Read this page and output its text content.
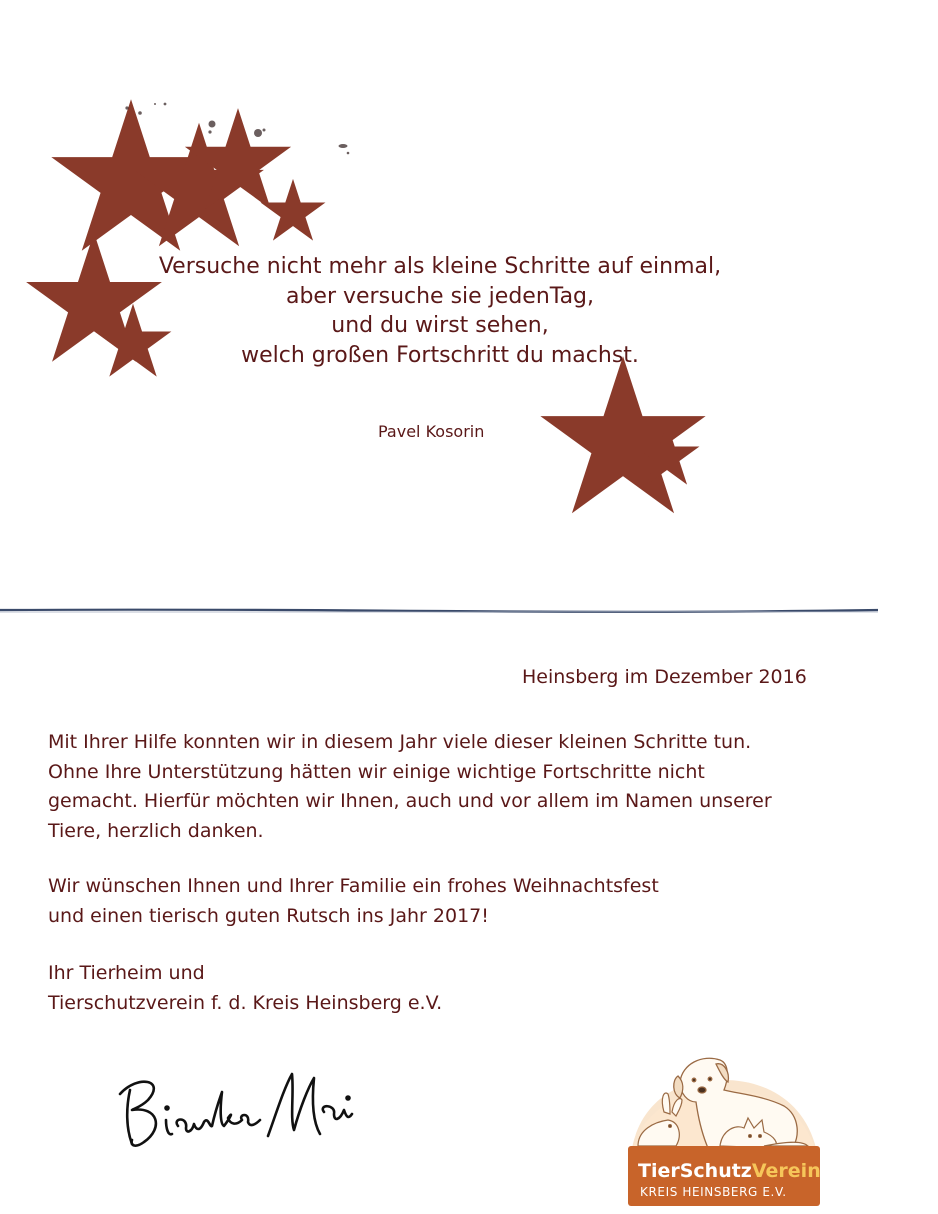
Versuche nicht mehr als kleine Schritte auf einmal,
aber versuche sie jedenTag,
und du wirst sehen,
welch großen Fortschritt du machst.
Pavel Kosorin
Heinsberg im Dezember 2016
Mit Ihrer Hilfe konnten wir in diesem Jahr viele dieser kleinen Schritte tun.
Ohne Ihre Unterstützung hätten wir einige wichtige Fortschritte nicht
gemacht. Hierfür möchten wir Ihnen, auch und vor allem im Namen unserer
Tiere, herzlich danken.
Wir wünschen Ihnen und Ihrer Familie ein frohes Weihnachtsfest
und einen tierisch guten Rutsch ins Jahr 2017!
Ihr Tierheim und
Tierschutzverein f. d. Kreis Heinsberg e.V.
TierSchutzVerein
KREIS HEINSBERG E.V.
